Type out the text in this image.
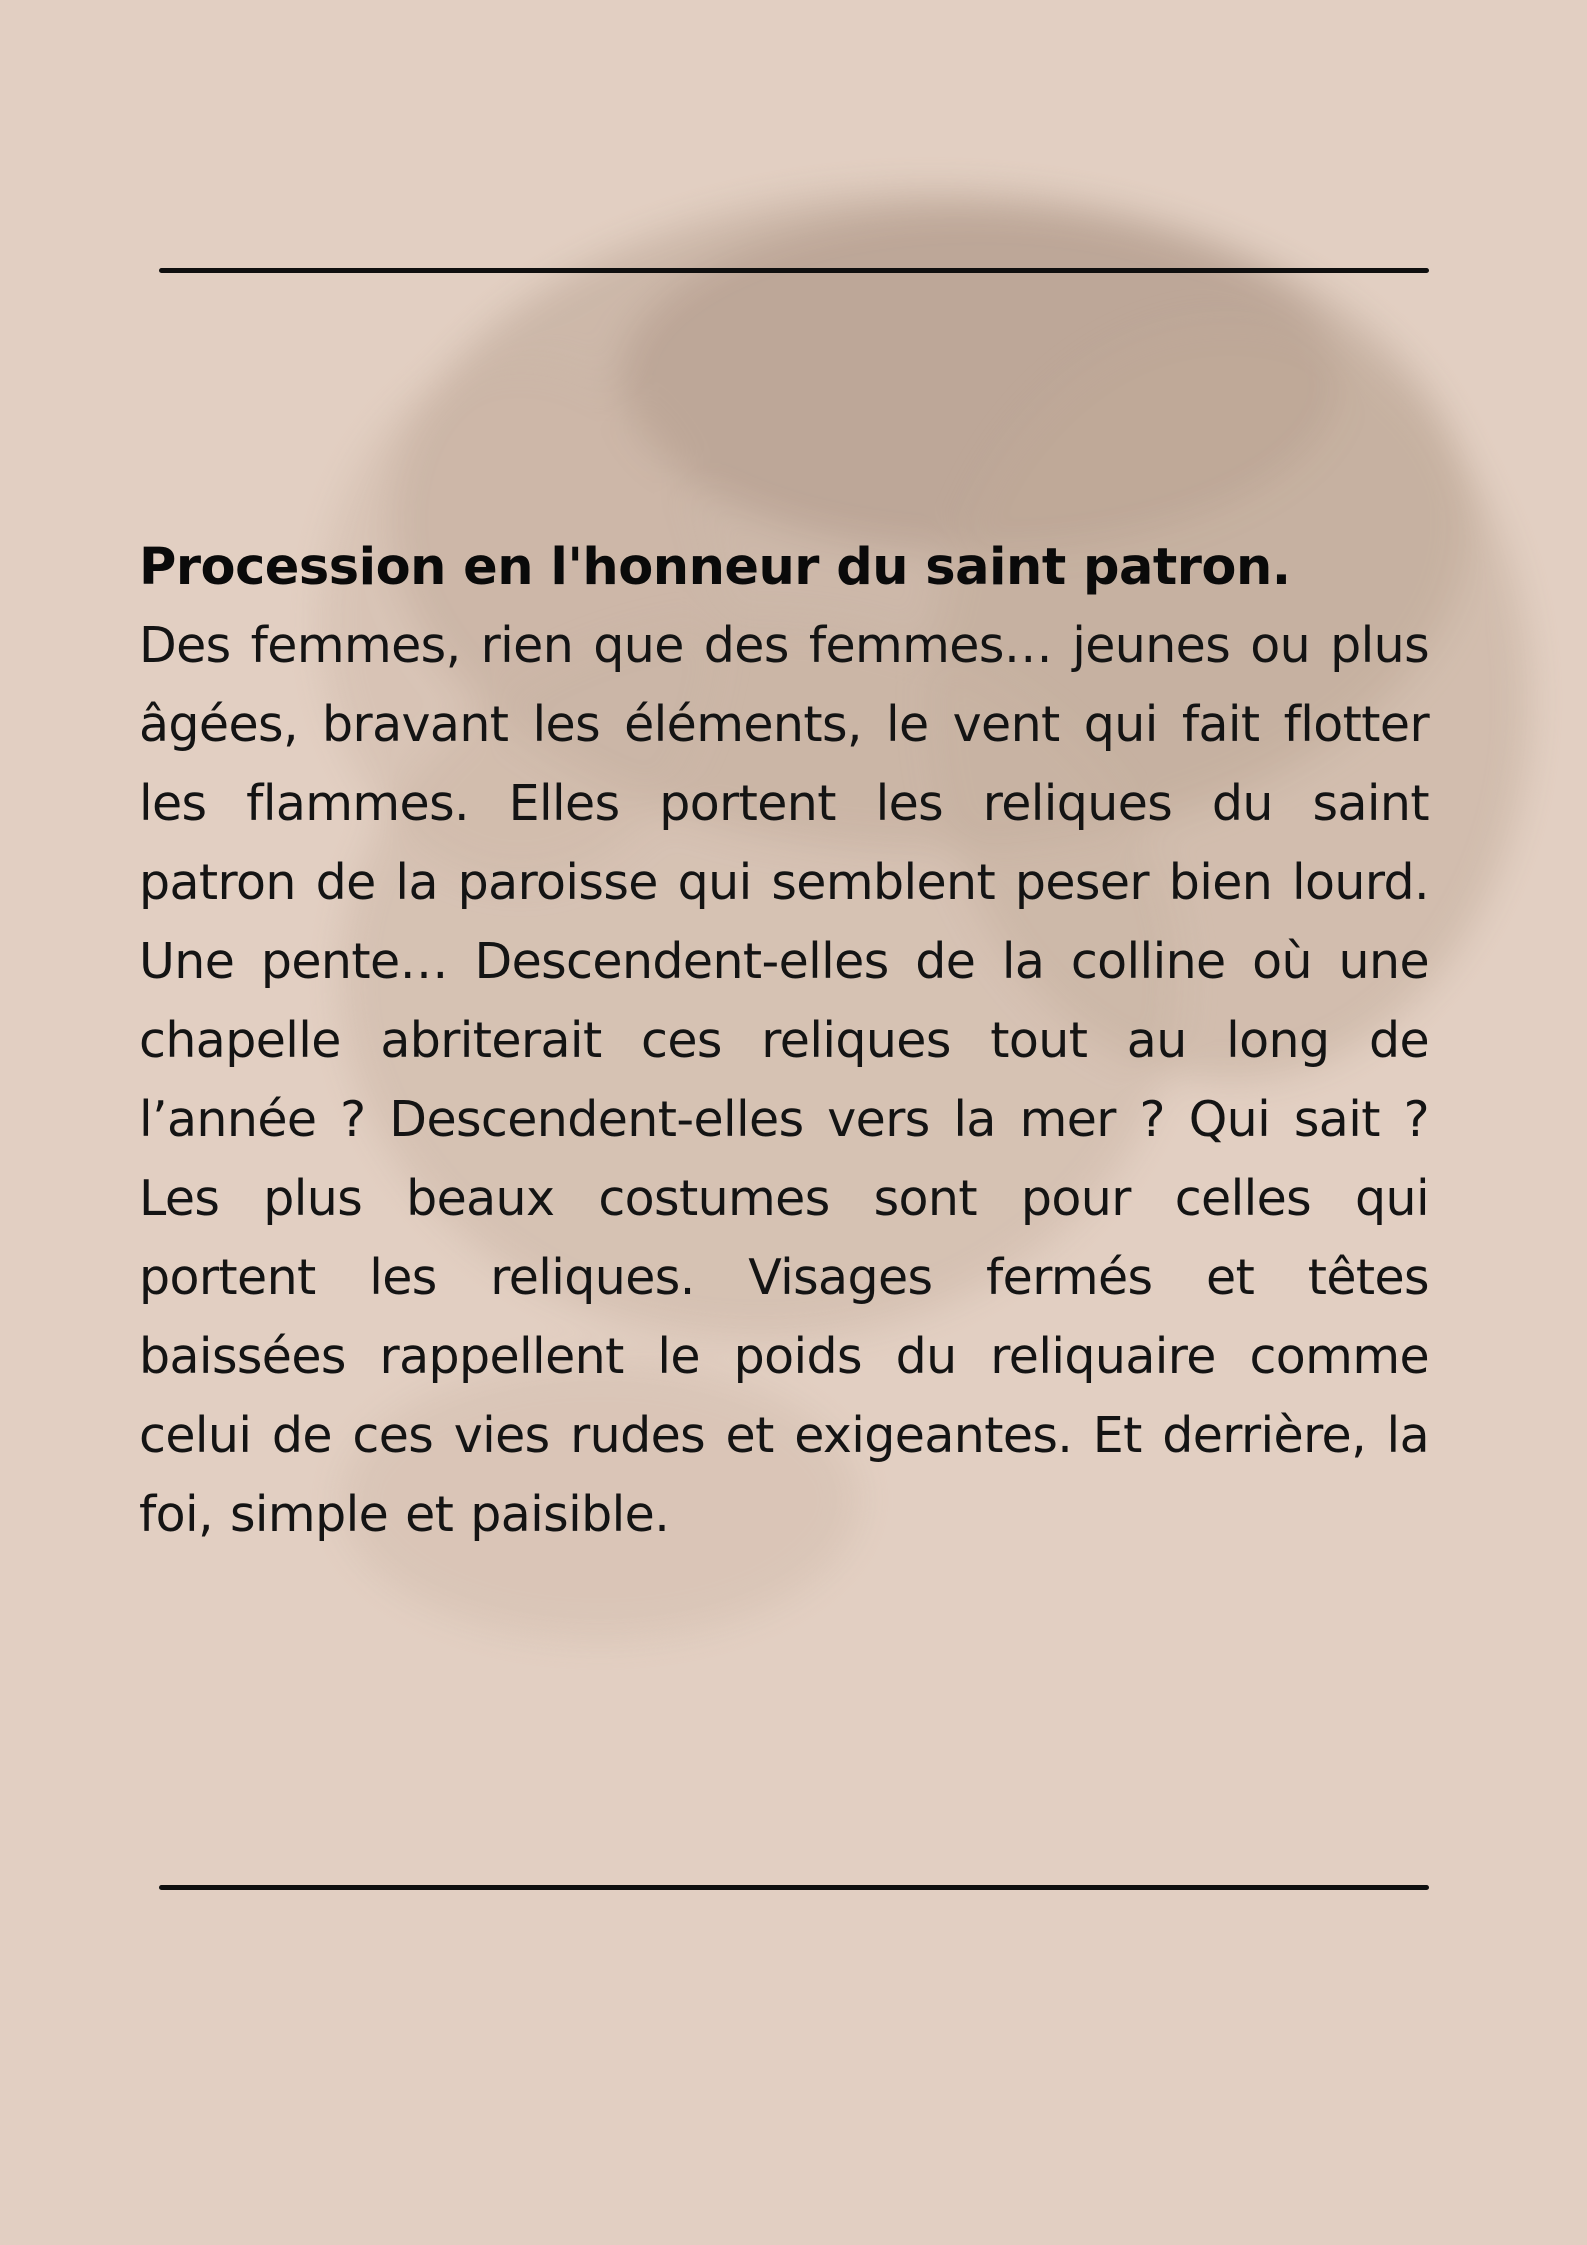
Procession en l'honneur du saint patron.

Des femmes, rien que des femmes… jeunes ou plus âgées, bravant les éléments, le vent qui fait flotter les flammes. Elles portent les reliques du saint patron de la paroisse qui semblent peser bien lourd. Une pente… Descendent-elles de la colline où une chapelle abriterait ces reliques tout au long de l’année ? Descendent-elles vers la mer ? Qui sait ? Les plus beaux costumes sont pour celles qui portent les reliques. Visages fermés et têtes baissées rappellent le poids du reliquaire comme celui de ces vies rudes et exigeantes. Et derrière, la foi, simple et paisible.
